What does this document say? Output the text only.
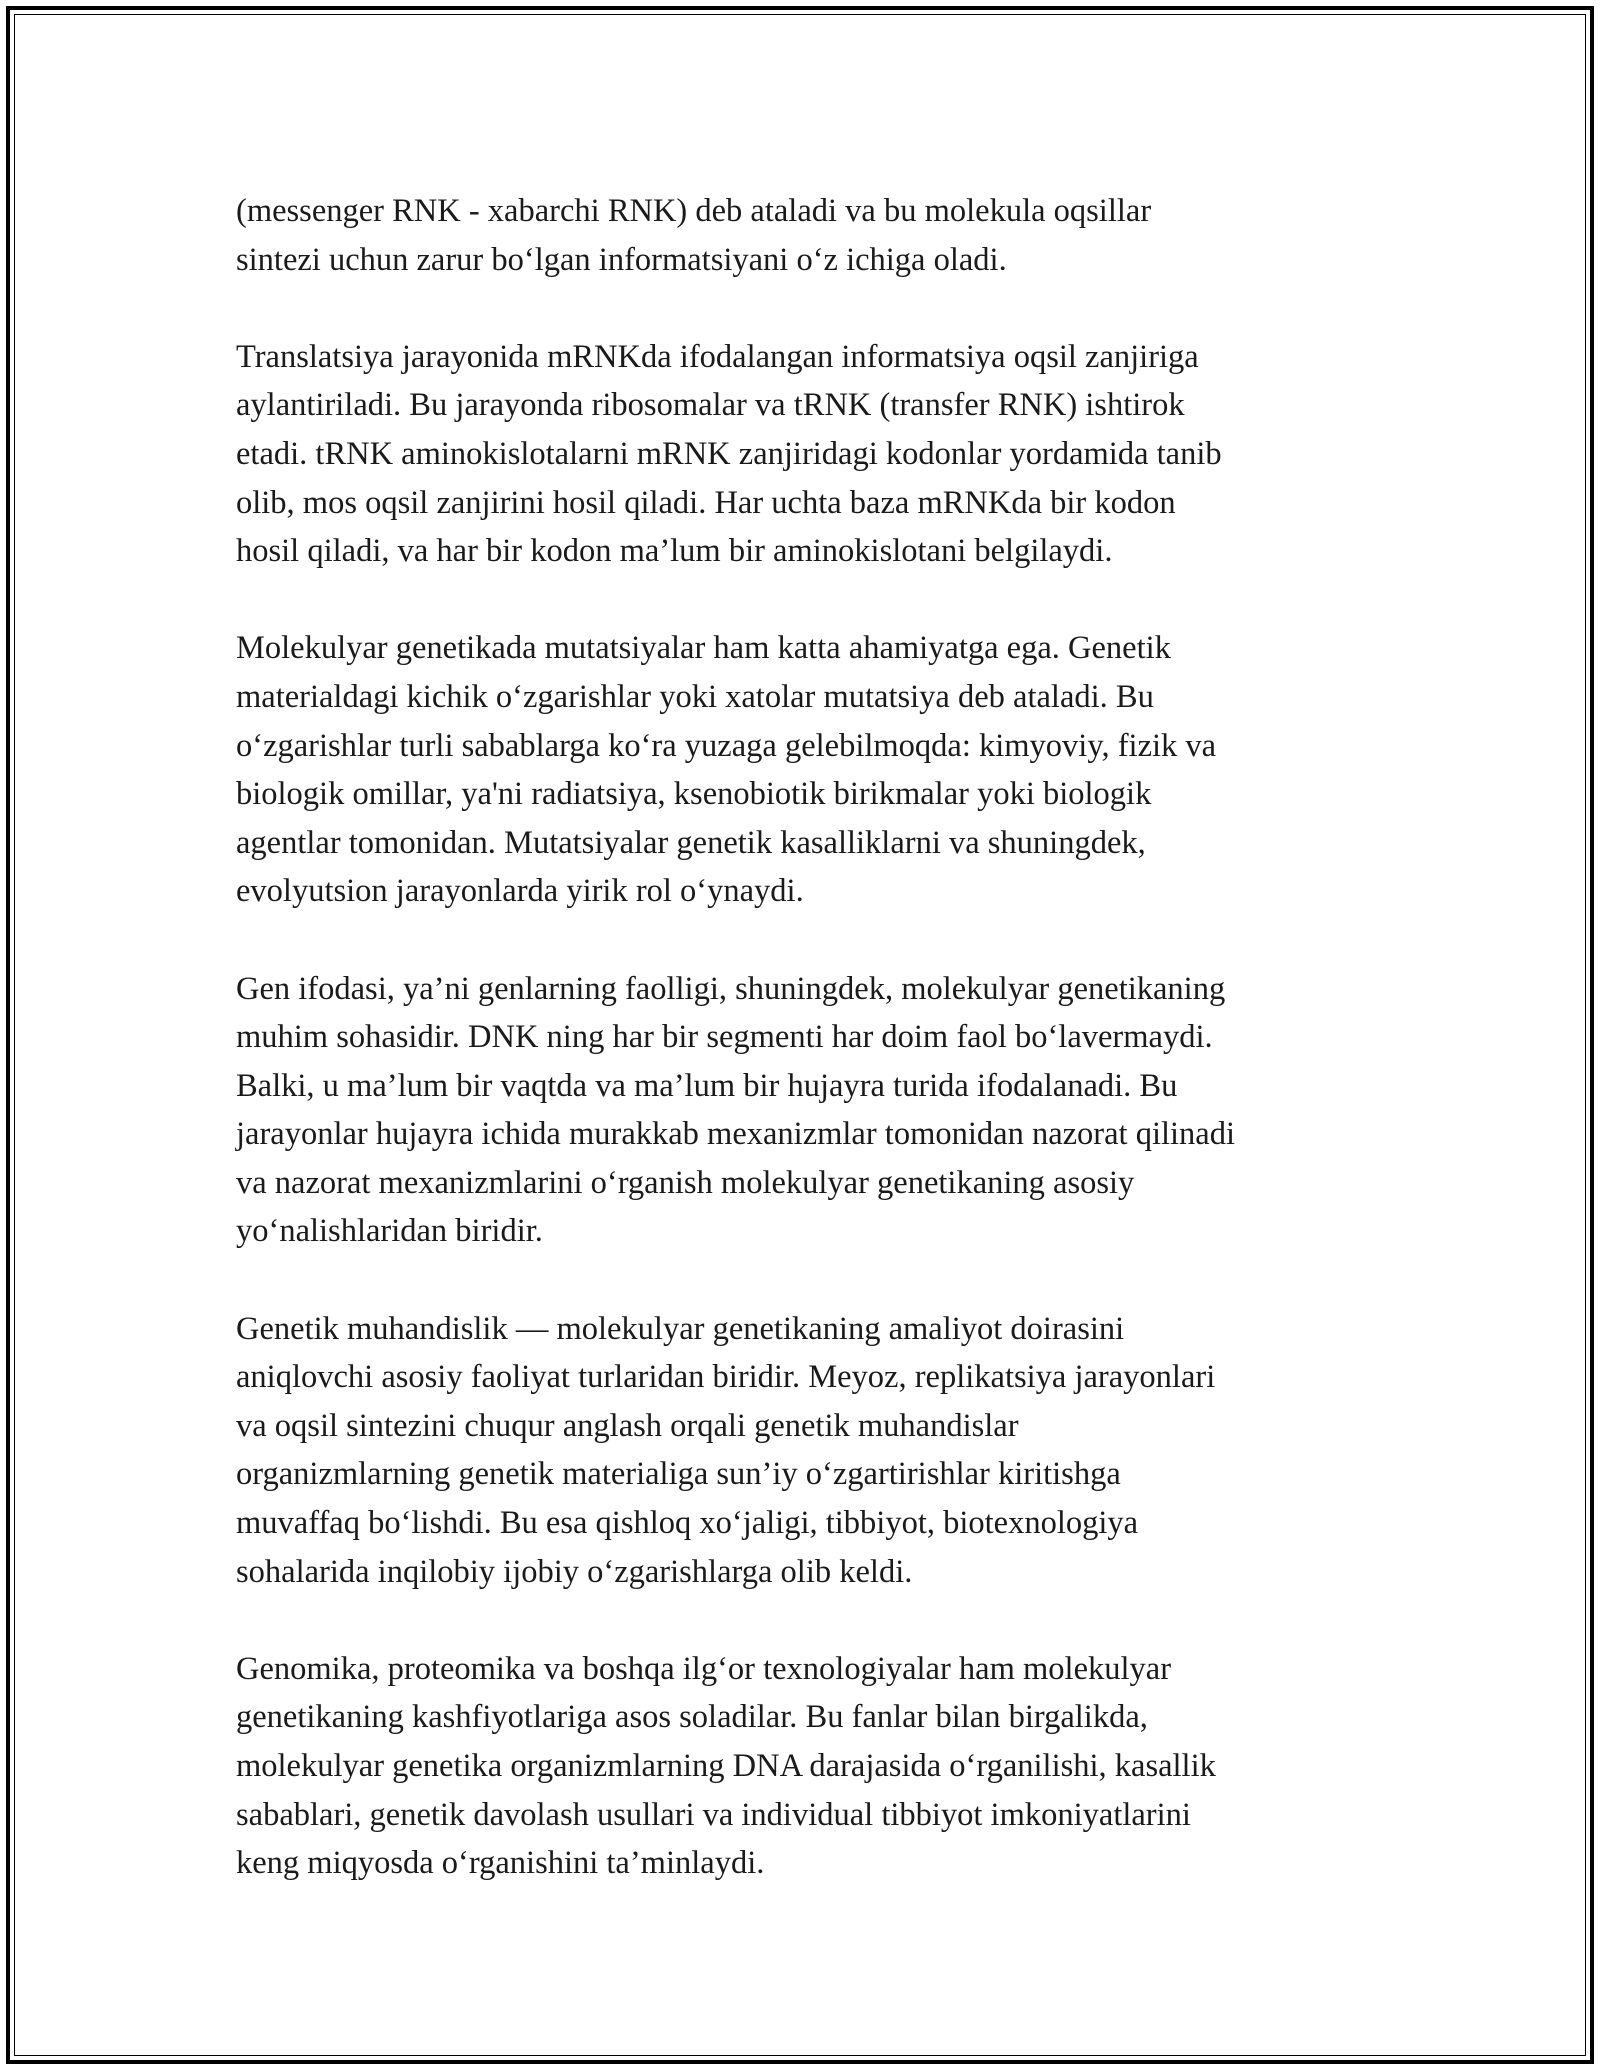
(messenger RNK - xabarchi RNK) deb ataladi va bu molekula oqsillar
sintezi uchun zarur bo‘lgan informatsiyani o‘z ichiga oladi.

Translatsiya jarayonida mRNKda ifodalangan informatsiya oqsil zanjiriga
aylantiriladi. Bu jarayonda ribosomalar va tRNK (transfer RNK) ishtirok
etadi. tRNK aminokislotalarni mRNK zanjiridagi kodonlar yordamida tanib
olib, mos oqsil zanjirini hosil qiladi. Har uchta baza mRNKda bir kodon
hosil qiladi, va har bir kodon ma’lum bir aminokislotani belgilaydi.

Molekulyar genetikada mutatsiyalar ham katta ahamiyatga ega. Genetik
materialdagi kichik o‘zgarishlar yoki xatolar mutatsiya deb ataladi. Bu
o‘zgarishlar turli sabablarga ko‘ra yuzaga gelebilmoqda: kimyoviy, fizik va
biologik omillar, ya'ni radiatsiya, ksenobiotik birikmalar yoki biologik
agentlar tomonidan. Mutatsiyalar genetik kasalliklarni va shuningdek,
evolyutsion jarayonlarda yirik rol o‘ynaydi.

Gen ifodasi, ya’ni genlarning faolligi, shuningdek, molekulyar genetikaning
muhim sohasidir. DNK ning har bir segmenti har doim faol bo‘lavermaydi.
Balki, u ma’lum bir vaqtda va ma’lum bir hujayra turida ifodalanadi. Bu
jarayonlar hujayra ichida murakkab mexanizmlar tomonidan nazorat qilinadi
va nazorat mexanizmlarini o‘rganish molekulyar genetikaning asosiy
yo‘nalishlaridan biridir.

Genetik muhandislik — molekulyar genetikaning amaliyot doirasini
aniqlovchi asosiy faoliyat turlaridan biridir. Meyoz, replikatsiya jarayonlari
va oqsil sintezini chuqur anglash orqali genetik muhandislar
organizmlarning genetik materialiga sun’iy o‘zgartirishlar kiritishga
muvaffaq bo‘lishdi. Bu esa qishloq xo‘jaligi, tibbiyot, biotexnologiya
sohalarida inqilobiy ijobiy o‘zgarishlarga olib keldi.

Genomika, proteomika va boshqa ilg‘or texnologiyalar ham molekulyar
genetikaning kashfiyotlariga asos soladilar. Bu fanlar bilan birgalikda,
molekulyar genetika organizmlarning DNA darajasida o‘rganilishi, kasallik
sabablari, genetik davolash usullari va individual tibbiyot imkoniyatlarini
keng miqyosda o‘rganishini ta’minlaydi.
